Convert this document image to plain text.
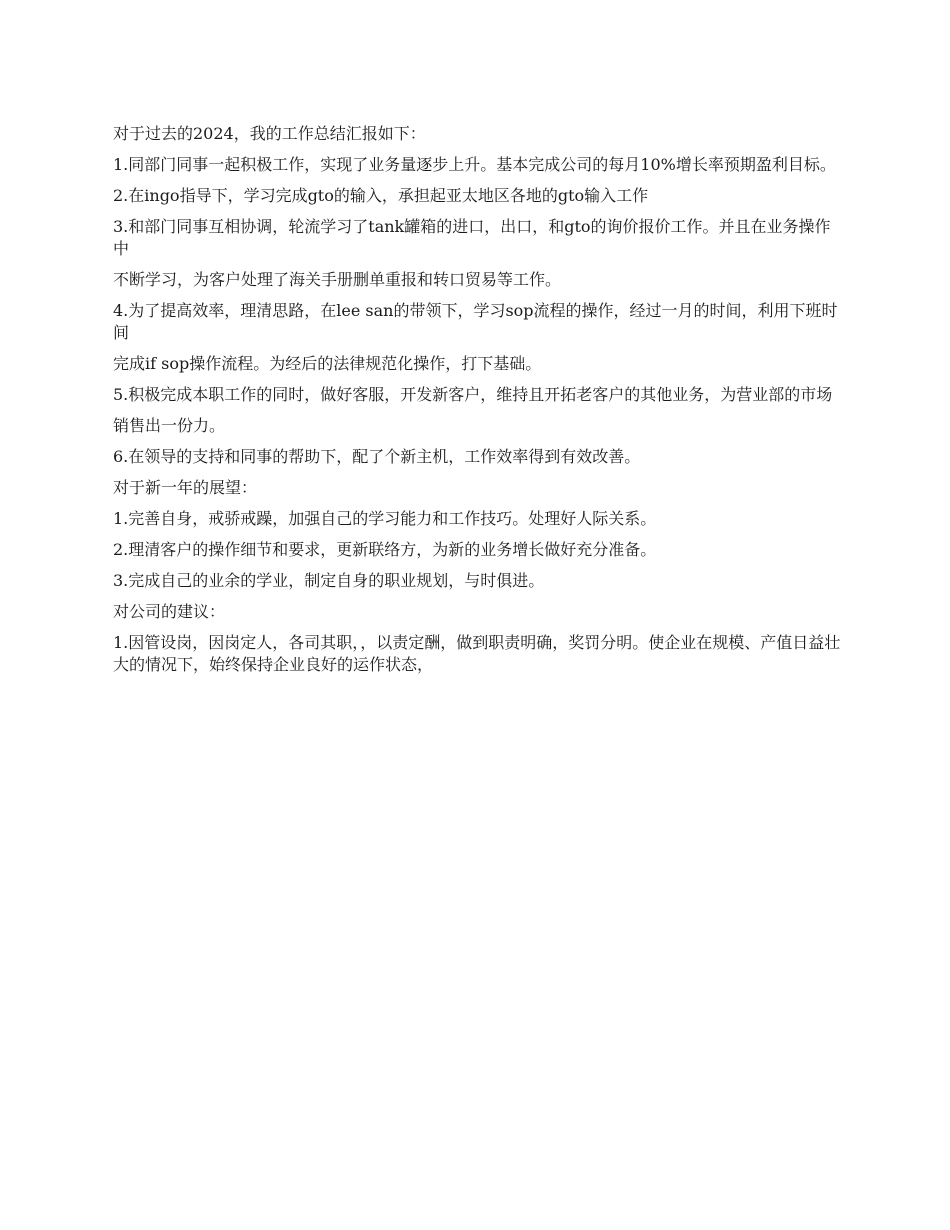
对于过去的2024，我的工作总结汇报如下：

1.同部门同事一起积极工作，实现了业务量逐步上升。基本完成公司的每月10%增长率预期盈利目标。

2.在ingo指导下，学习完成gto的输入，承担起亚太地区各地的gto输入工作

3.和部门同事互相协调，轮流学习了tank罐箱的进口，出口，和gto的询价报价工作。并且在业务操作中

不断学习，为客户处理了海关手册删单重报和转口贸易等工作。

4.为了提高效率，理清思路，在lee san的带领下，学习sop流程的操作，经过一月的时间，利用下班时间

完成if sop操作流程。为经后的法律规范化操作，打下基础。

5.积极完成本职工作的同时，做好客服，开发新客户，维持且开拓老客户的其他业务，为营业部的市场

销售出一份力。

6.在领导的支持和同事的帮助下，配了个新主机，工作效率得到有效改善。

对于新一年的展望：

1.完善自身，戒骄戒躁，加强自己的学习能力和工作技巧。处理好人际关系。

2.理清客户的操作细节和要求，更新联络方，为新的业务增长做好充分准备。

3.完成自己的业余的学业，制定自身的职业规划，与时俱进。

对公司的建议：

1.因管设岗，因岗定人，各司其职，，以责定酬，做到职责明确，奖罚分明。使企业在规模、产值日益壮大的情况下，始终保持企业良好的运作状态，
